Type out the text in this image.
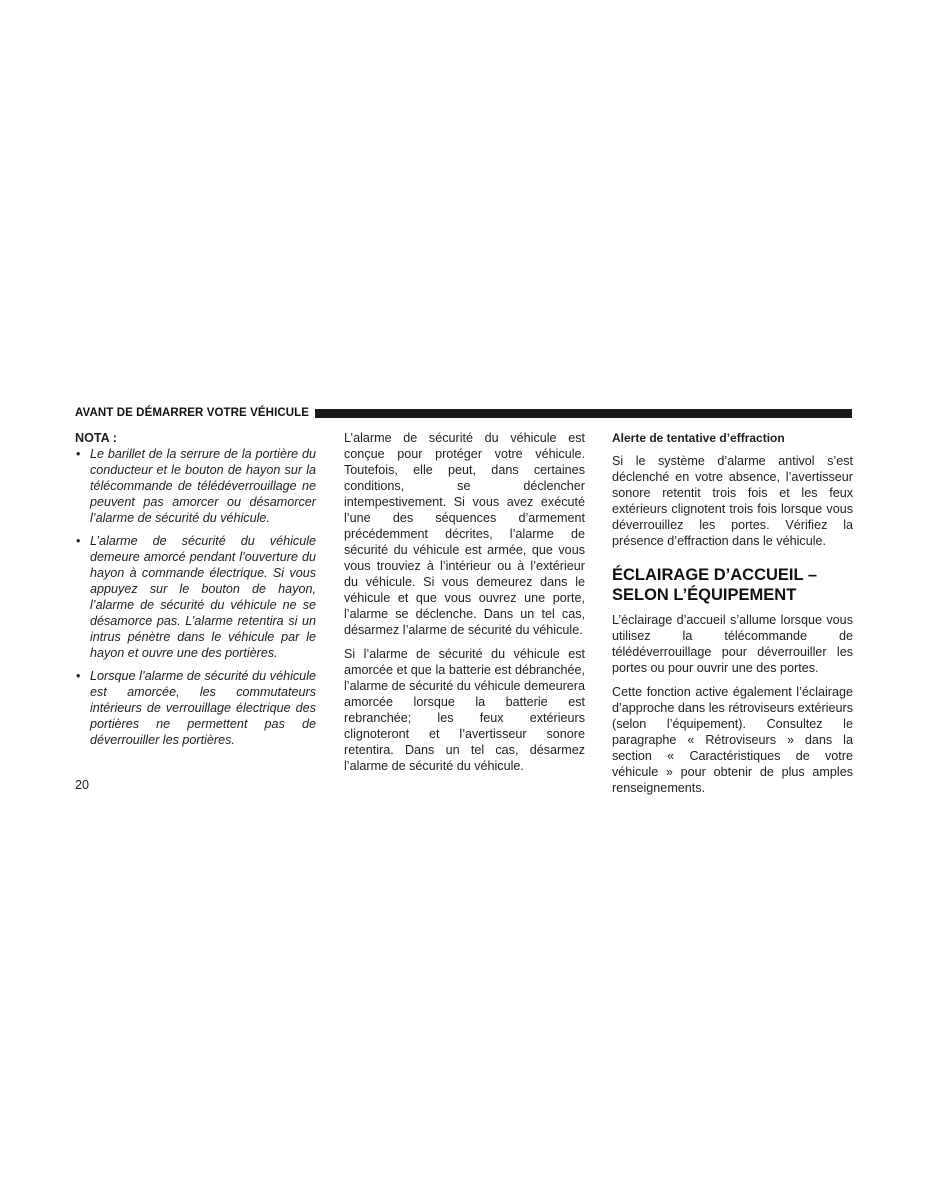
AVANT DE DÉMARRER VOTRE VÉHICULE
NOTA :
• Le barillet de la serrure de la portière du conducteur et le bouton de hayon sur la télécommande de télédéverrouillage ne peuvent pas amorcer ou désamorcer l’alarme de sécurité du véhicule.
• L’alarme de sécurité du véhicule demeure amorcé pendant l’ouverture du hayon à commande électrique. Si vous appuyez sur le bouton de hayon, l’alarme de sécurité du véhicule ne se désamorce pas. L’alarme retentira si un intrus pénètre dans le véhicule par le hayon et ouvre une des portières.
• Lorsque l’alarme de sécurité du véhicule est amorcée, les commutateurs intérieurs de verrouillage électrique des portières ne permettent pas de déverrouiller les portières.

L’alarme de sécurité du véhicule est conçue pour protéger votre véhicule. Toutefois, elle peut, dans certaines conditions, se déclencher intempestivement. Si vous avez exécuté l’une des séquences d’armement précédemment décrites, l’alarme de sécurité du véhicule est armée, que vous vous trouviez à l’intérieur ou à l’extérieur du véhicule. Si vous demeurez dans le véhicule et que vous ouvrez une porte, l’alarme se déclenche. Dans un tel cas, désarmez l’alarme de sécurité du véhicule.

Si l’alarme de sécurité du véhicule est amorcée et que la batterie est débranchée, l’alarme de sécurité du véhicule demeurera amorcée lorsque la batterie est rebranchée; les feux extérieurs clignoteront et l’avertisseur sonore retentira. Dans un tel cas, désarmez l’alarme de sécurité du véhicule.

Alerte de tentative d’effraction

Si le système d’alarme antivol s’est déclenché en votre absence, l’avertisseur sonore retentit trois fois et les feux extérieurs clignotent trois fois lorsque vous déverrouillez les portes. Vérifiez la présence d’effraction dans le véhicule.

ÉCLAIRAGE D’ACCUEIL –
SELON L’ÉQUIPEMENT

L’éclairage d’accueil s’allume lorsque vous utilisez la télécommande de télédéverrouillage pour déverrouiller les portes ou pour ouvrir une des portes.

Cette fonction active également l’éclairage d’approche dans les rétroviseurs extérieurs (selon l’équipement). Consultez le paragraphe « Rétroviseurs » dans la section « Caractéristiques de votre véhicule » pour obtenir de plus amples renseignements.

20
